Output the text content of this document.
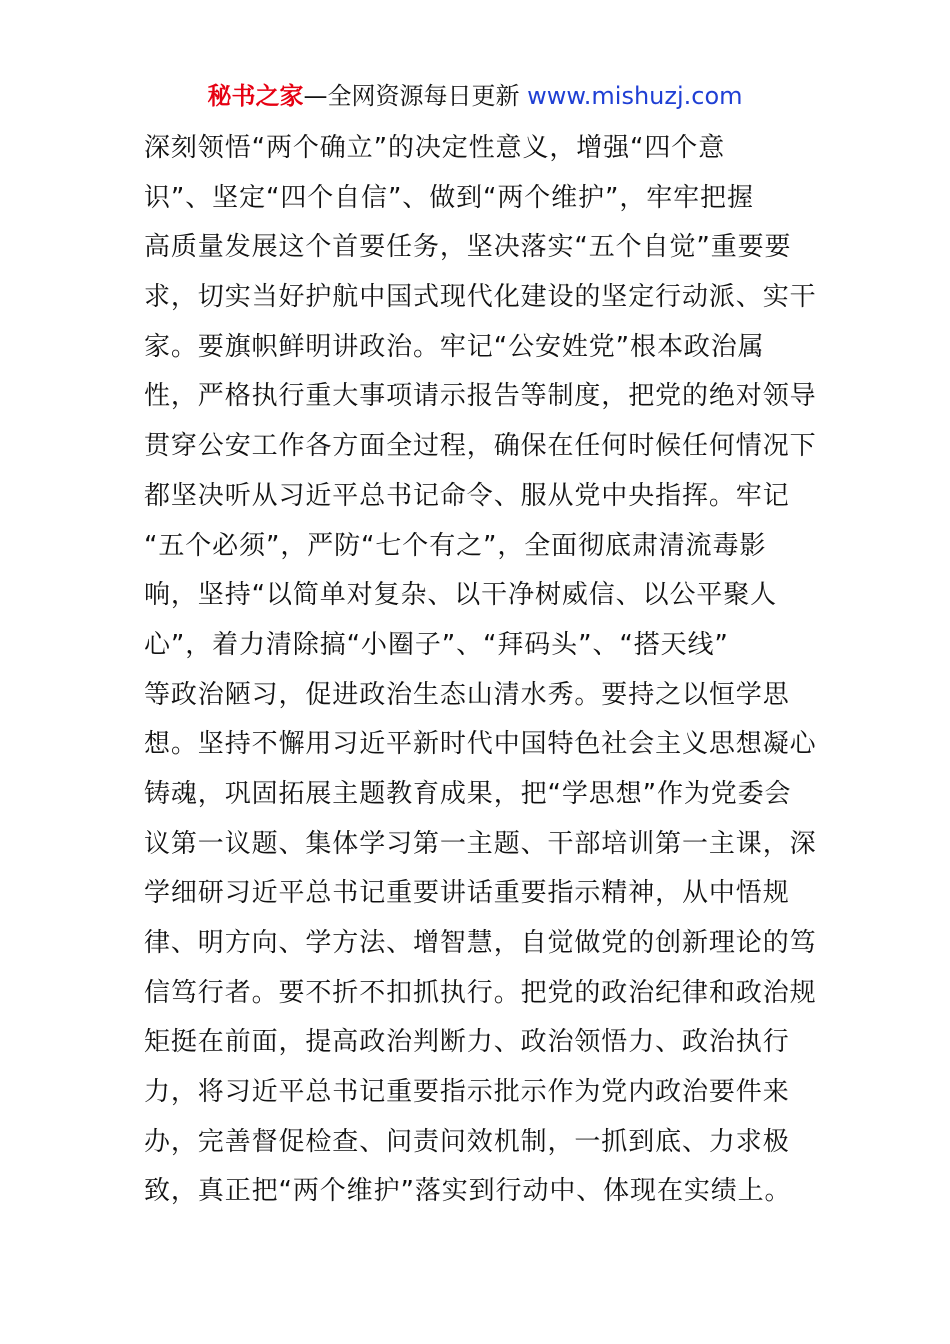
秘书之家—全网资源每日更新 www.mishuzj.com
深刻领悟“两个确立”的决定性意义，增强“四个意
识”、坚定“四个自信”、做到“两个维护”，牢牢把握
高质量发展这个首要任务，坚决落实“五个自觉”重要要
求，切实当好护航中国式现代化建设的坚定行动派、实干
家。要旗帜鲜明讲政治。牢记“公安姓党”根本政治属
性，严格执行重大事项请示报告等制度，把党的绝对领导
贯穿公安工作各方面全过程，确保在任何时候任何情况下
都坚决听从习近平总书记命令、服从党中央指挥。牢记
“五个必须”，严防“七个有之”，全面彻底肃清流毒影
响，坚持“以简单对复杂、以干净树威信、以公平聚人
心”，着力清除搞“小圈子”、“拜码头”、“搭天线”
等政治陋习，促进政治生态山清水秀。要持之以恒学思
想。坚持不懈用习近平新时代中国特色社会主义思想凝心
铸魂，巩固拓展主题教育成果，把“学思想”作为党委会
议第一议题、集体学习第一主题、干部培训第一主课，深
学细研习近平总书记重要讲话重要指示精神，从中悟规
律、明方向、学方法、增智慧，自觉做党的创新理论的笃
信笃行者。要不折不扣抓执行。把党的政治纪律和政治规
矩挺在前面，提高政治判断力、政治领悟力、政治执行
力，将习近平总书记重要指示批示作为党内政治要件来
办，完善督促检查、问责问效机制，一抓到底、力求极
致，真正把“两个维护”落实到行动中、体现在实绩上。
